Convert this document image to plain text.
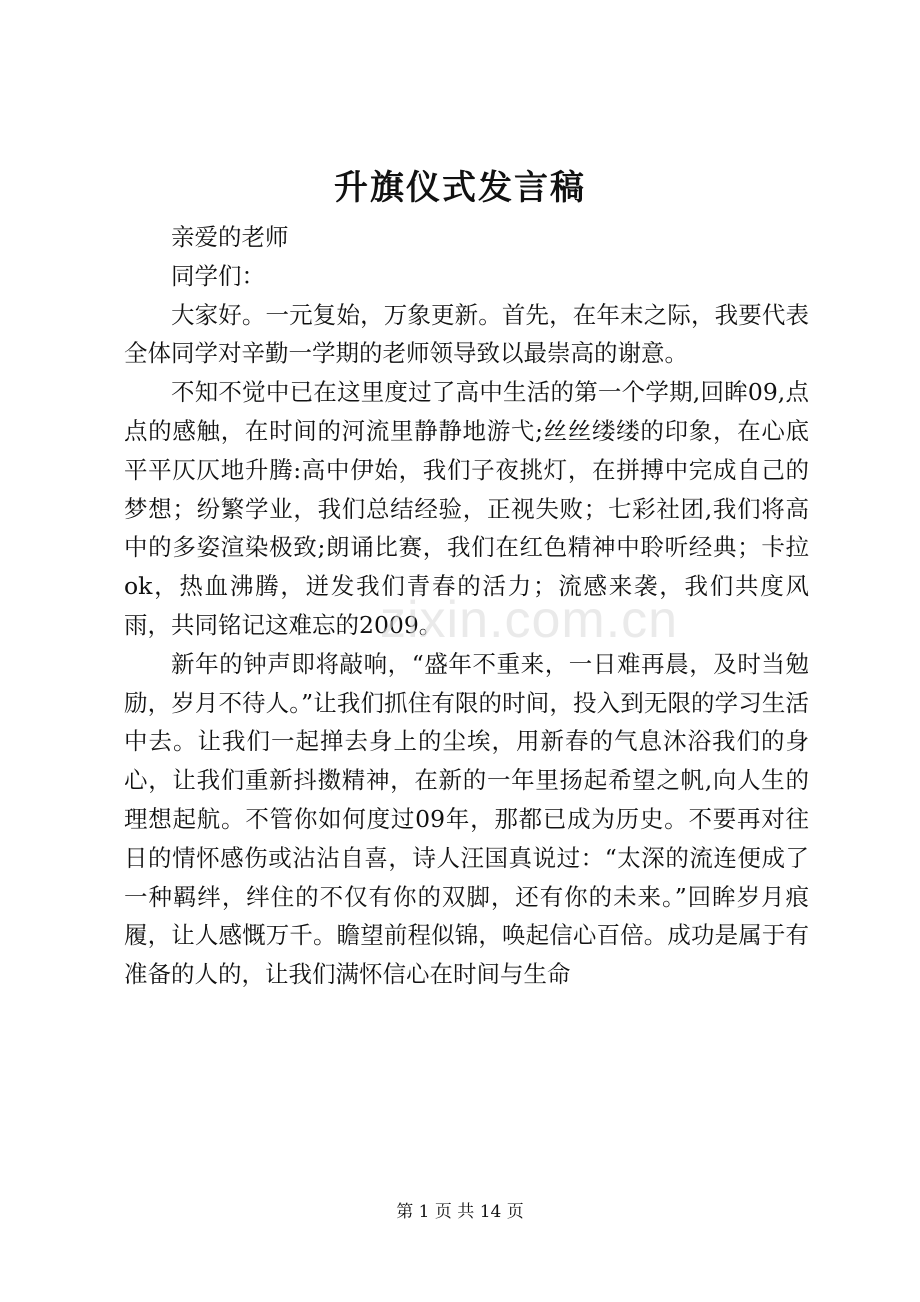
升旗仪式发言稿

亲爱的老师

同学们：

大家好。一元复始，万象更新。首先，在年末之际，我要代表全体同学对辛勤一学期的老师领导致以最崇高的谢意。

不知不觉中已在这里度过了高中生活的第一个学期,回眸09,点点的感触，在时间的河流里静静地游弋;丝丝缕缕的印象，在心底平平仄仄地升腾:高中伊始，我们子夜挑灯，在拼搏中完成自己的梦想；纷繁学业，我们总结经验，正视失败；七彩社团,我们将高中的多姿渲染极致;朗诵比赛，我们在红色精神中聆听经典；卡拉ok，热血沸腾，迸发我们青春的活力；流感来袭，我们共度风雨，共同铭记这难忘的2009。

新年的钟声即将敲响，“盛年不重来，一日难再晨，及时当勉励，岁月不待人。”让我们抓住有限的时间，投入到无限的学习生活中去。让我们一起掸去身上的尘埃，用新春的气息沐浴我们的身心，让我们重新抖擞精神，在新的一年里扬起希望之帆,向人生的理想起航。不管你如何度过09年，那都已成为历史。不要再对往日的情怀感伤或沾沾自喜，诗人汪国真说过：“太深的流连便成了一种羁绊，绊住的不仅有你的双脚，还有你的未来。”回眸岁月痕履，让人感慨万千。瞻望前程似锦，唤起信心百倍。成功是属于有准备的人的，让我们满怀信心在时间与生命

zixin.com.cn
第 1 页 共 14 页
